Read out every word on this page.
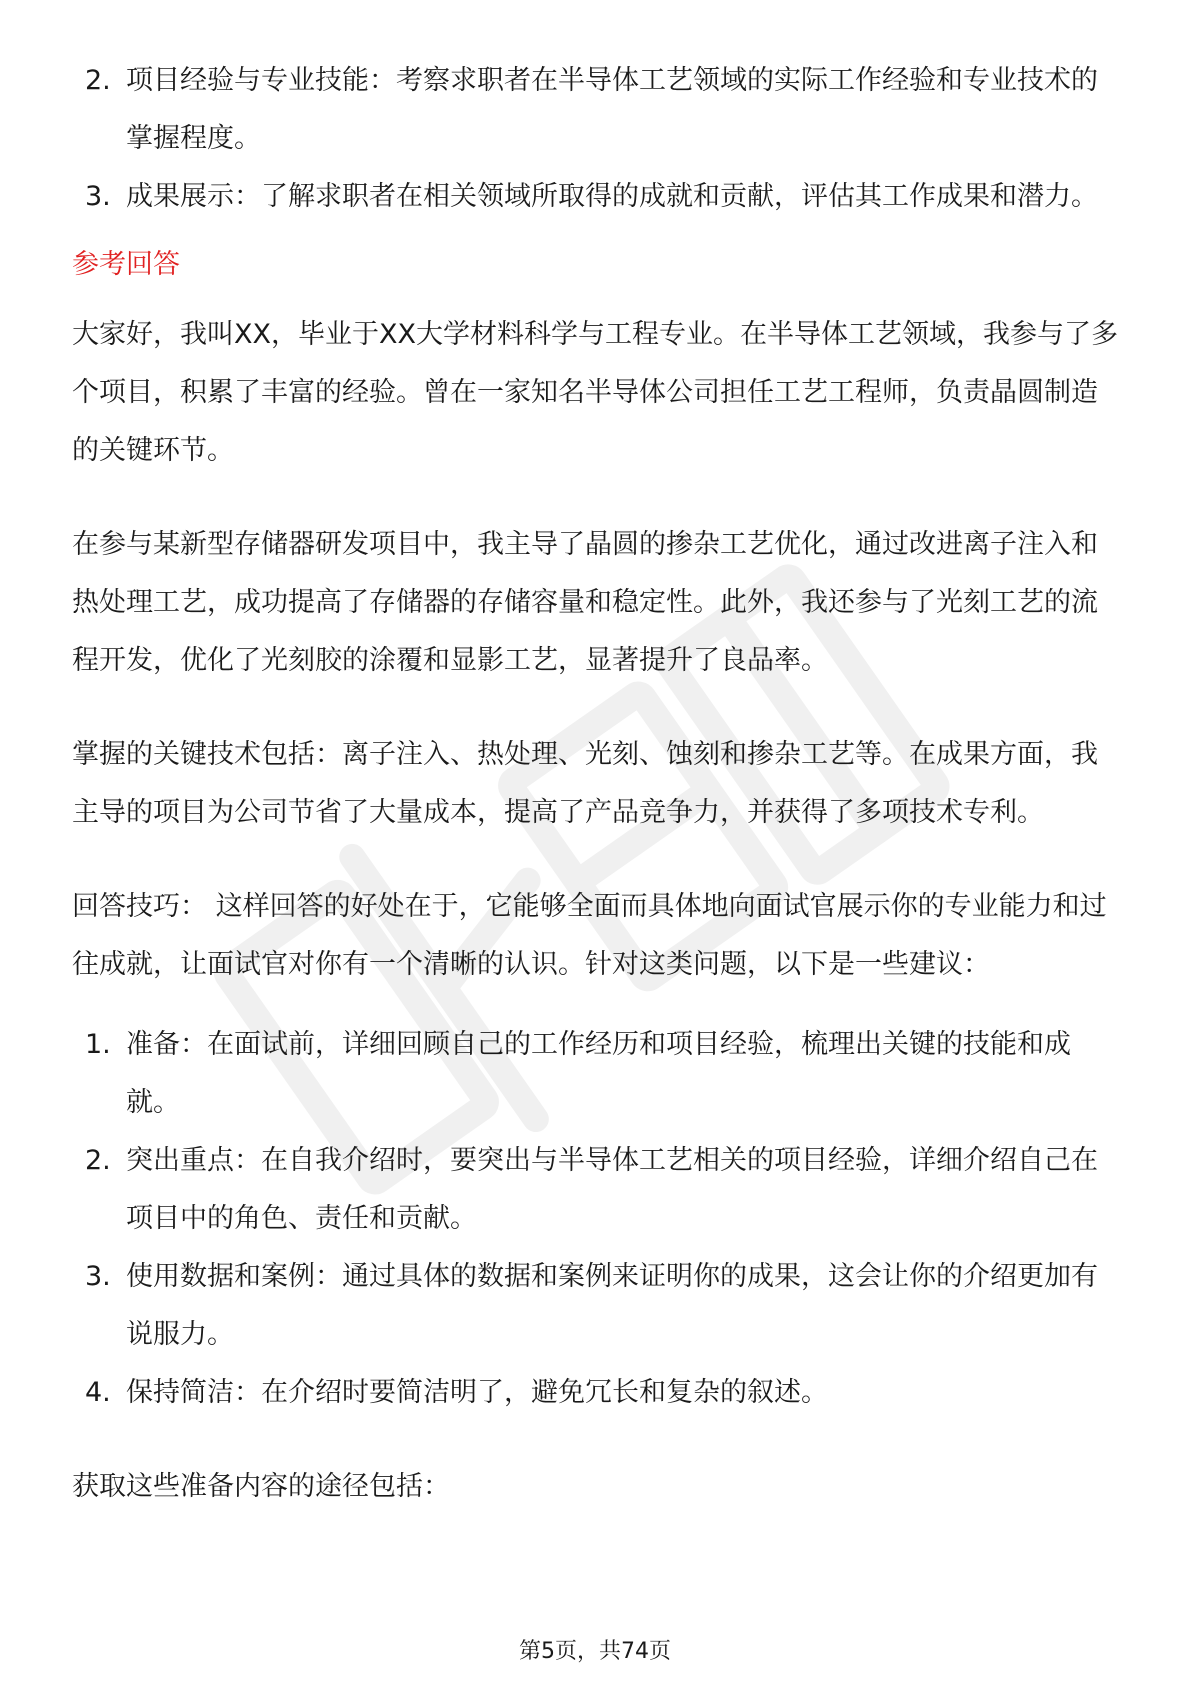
2. 项目经验与专业技能：考察求职者在半导体工艺领域的实际工作经验和专业技术的掌握程度。
3. 成果展示：了解求职者在相关领域所取得的成就和贡献，评估其工作成果和潜力。
参考回答

大家好，我叫XX，毕业于XX大学材料科学与工程专业。在半导体工艺领域，我参与了多个项目，积累了丰富的经验。曾在一家知名半导体公司担任工艺工程师，负责晶圆制造的关键环节。

在参与某新型存储器研发项目中，我主导了晶圆的掺杂工艺优化，通过改进离子注入和热处理工艺，成功提高了存储器的存储容量和稳定性。此外，我还参与了光刻工艺的流程开发，优化了光刻胶的涂覆和显影工艺，显著提升了良品率。

掌握的关键技术包括：离子注入、热处理、光刻、蚀刻和掺杂工艺等。在成果方面，我主导的项目为公司节省了大量成本，提高了产品竞争力，并获得了多项技术专利。

回答技巧： 这样回答的好处在于，它能够全面而具体地向面试官展示你的专业能力和过往成就，让面试官对你有一个清晰的认识。针对这类问题，以下是一些建议：

1. 准备：在面试前，详细回顾自己的工作经历和项目经验，梳理出关键的技能和成就。
2. 突出重点：在自我介绍时，要突出与半导体工艺相关的项目经验，详细介绍自己在项目中的角色、责任和贡献。
3. 使用数据和案例：通过具体的数据和案例来证明你的成果，这会让你的介绍更加有说服力。
4. 保持简洁：在介绍时要简洁明了，避免冗长和复杂的叙述。

获取这些准备内容的途径包括：

第5页，共74页
